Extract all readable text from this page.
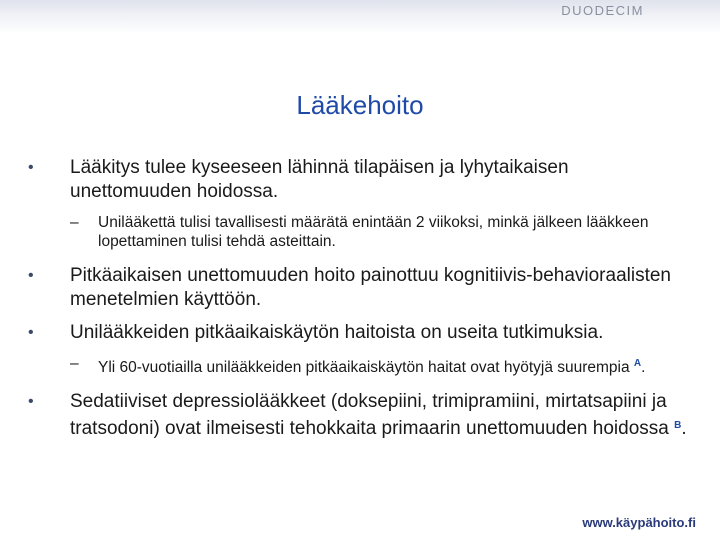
DUODECIM
Lääkehoito

•	Lääkitys tulee kyseeseen lähinnä tilapäisen ja lyhytaikaisen unettomuuden hoidossa.

– Unilääkettä tulisi tavallisesti määrätä enintään 2 viikoksi, minkä jälkeen lääkkeen lopettaminen tulisi tehdä asteittain.

•	Pitkäaikaisen unettomuuden hoito painottuu kognitiivis-behavioraalisten menetelmien käyttöön.

•	Unilääkkeiden pitkäaikaiskäytön haitoista on useita tutkimuksia.

– Yli 60-vuotiailla unilääkkeiden pitkäaikaiskäytön haitat ovat hyötyjä suurempia $^A$.

•	Sedatiiviset depressiolääkkeet (doksepiini, trimipramiini, mirtatsapiini ja tratsodoni) ovat ilmeisesti tehokkaita primaarin unettomuuden hoidossa $^B$.

www.käypähoito.fi
